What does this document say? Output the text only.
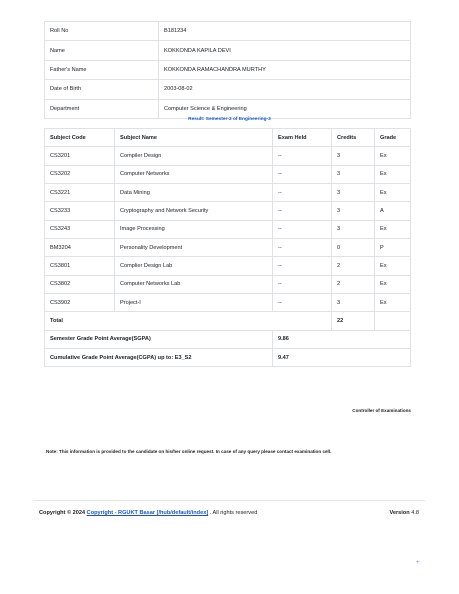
Roll No	B181234
Name	KOKKONDA KAPILA DEVI
Father's Name	KOKKONDA RAMACHANDRA MURTHY
Date of Birth	2003-08-02
Department	Computer Science & Engineering
Result: Semester-2 of Engineering-3
Subject Code	Subject Name	Exam Held	Credits	Grade
CS3201	Compiler Design	--	3	Ex
CS3202	Computer Networks	--	3	Ex
CS3221	Data Mining	--	3	Ex
CS3233	Cryptography and Network Security	--	3	A
CS3243	Image Processing	--	3	Ex
BM3204	Personality Development	--	0	P
CS3801	Complier Design Lab	--	2	Ex
CS3802	Computer Networks Lab	--	2	Ex
CS3902	Project-I	--	3	Ex
Total			22	
Semester Grade Point Average(SGPA)		9.86		
Cumulative Grade Point Average(CGPA) up to: E3_S2		9.47		
Controller of Examinations
Note: This information is provided to the candidate on his/her online request. In case of any query please contact examination cell.
Copyright © 2024 Copyright - RGUKT Basar [/hub/default/index] . All rights reserved	Version 4.8
+
